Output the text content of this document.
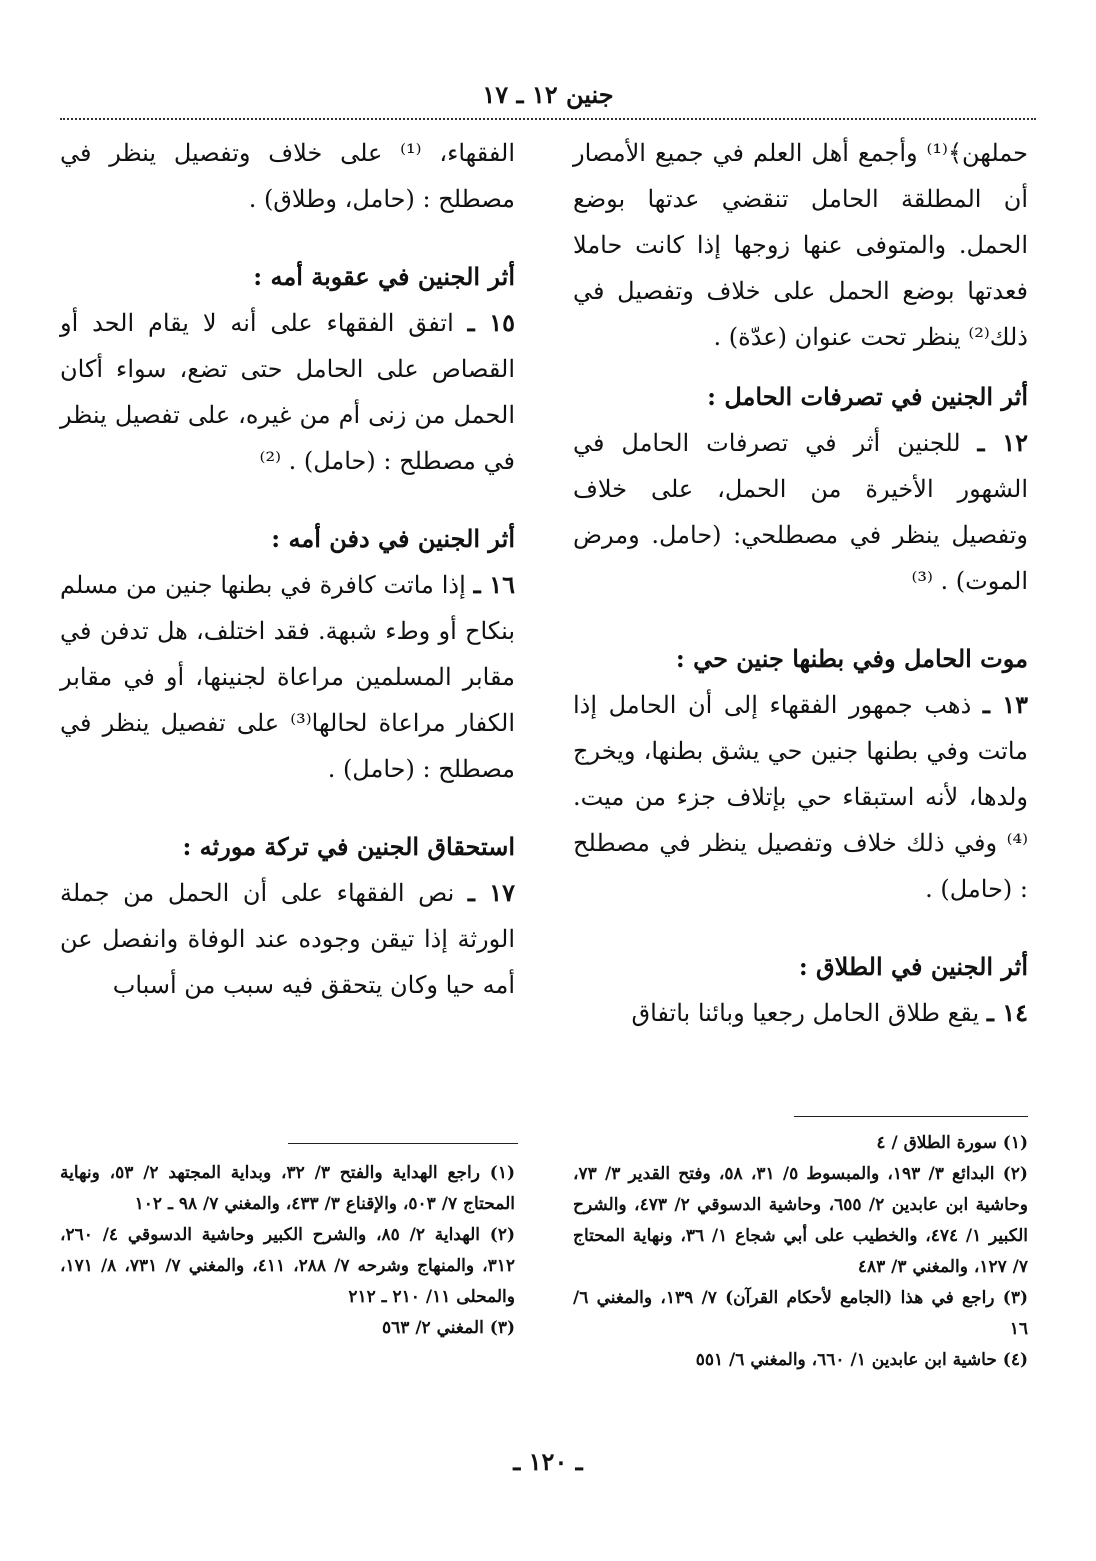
جنين ١٢ ـ ١٧

حملهن﴾⁽¹⁾ وأجمع أهل العلم في جميع الأمصار أن المطلقة الحامل تنقضي عدتها بوضع الحمل. والمتوفى عنها زوجها إذا كانت حاملا فعدتها بوضع الحمل على خلاف وتفصيل في ذلك⁽²⁾ ينظر تحت عنوان (عدّة) .

أثر الجنين في تصرفات الحامل :

١٢ ـ للجنين أثر في تصرفات الحامل في الشهور الأخيرة من الحمل، على خلاف وتفصيل ينظر في مصطلحي: (حامل. ومرض الموت) . ⁽³⁾

موت الحامل وفي بطنها جنين حي :

١٣ ـ ذهب جمهور الفقهاء إلى أن الحامل إذا ماتت وفي بطنها جنين حي يشق بطنها، ويخرج ولدها، لأنه استبقاء حي بإتلاف جزء من ميت. ⁽⁴⁾ وفي ذلك خلاف وتفصيل ينظر في مصطلح : (حامل) .

أثر الجنين في الطلاق :

١٤ ـ يقع طلاق الحامل رجعيا وبائنا باتفاق

الفقهاء، ⁽¹⁾ على خلاف وتفصيل ينظر في مصطلح : (حامل، وطلاق) .

أثر الجنين في عقوبة أمه :

١٥ ـ اتفق الفقهاء على أنه لا يقام الحد أو القصاص على الحامل حتى تضع، سواء أكان الحمل من زنى أم من غيره، على تفصيل ينظر في مصطلح : (حامل) . ⁽²⁾

أثر الجنين في دفن أمه :

١٦ ـ إذا ماتت كافرة في بطنها جنين من مسلم بنكاح أو وطء شبهة. فقد اختلف، هل تدفن في مقابر المسلمين مراعاة لجنينها، أو في مقابر الكفار مراعاة لحالها⁽³⁾ على تفصيل ينظر في مصطلح : (حامل) .

استحقاق الجنين في تركة مورثه :

١٧ ـ نص الفقهاء على أن الحمل من جملة الورثة إذا تيقن وجوده عند الوفاة وانفصل عن أمه حيا وكان يتحقق فيه سبب من أسباب

(١) سورة الطلاق / ٤

(٢) البدائع ٣/ ١٩٣، والمبسوط ٥/ ٣١، ٥٨، وفتح القدير ٣/ ٧٣، وحاشية ابن عابدين ٢/ ٦٥٥، وحاشية الدسوقي ٢/ ٤٧٣، والشرح الكبير ١/ ٤٧٤، والخطيب على أبي شجاع ١/ ٣٦، ونهاية المحتاج ٧/ ١٢٧، والمغني ٣/ ٤٨٣

(٣) راجع في هذا (الجامع لأحكام القرآن) ٧/ ١٣٩، والمغني ٦/ ١٦

(٤) حاشية ابن عابدين ١/ ٦٦٠، والمغني ٦/ ٥٥١

(١) راجع الهداية والفتح ٣/ ٣٢، وبداية المجتهد ٢/ ٥٣، ونهاية المحتاج ٧/ ٥٠٣، والإقناع ٣/ ٤٣٣، والمغني ٧/ ٩٨ ـ ١٠٢

(٢) الهداية ٢/ ٨٥، والشرح الكبير وحاشية الدسوقي ٤/ ٢٦٠، ٣١٢، والمنهاج وشرحه ٧/ ٢٨٨، ٤١١، والمغني ٧/ ٧٣١، ٨/ ١٧١، والمحلى ١١/ ٢١٠ ـ ٢١٢

(٣) المغني ٢/ ٥٦٣

ـ ١٢٠ ـ
